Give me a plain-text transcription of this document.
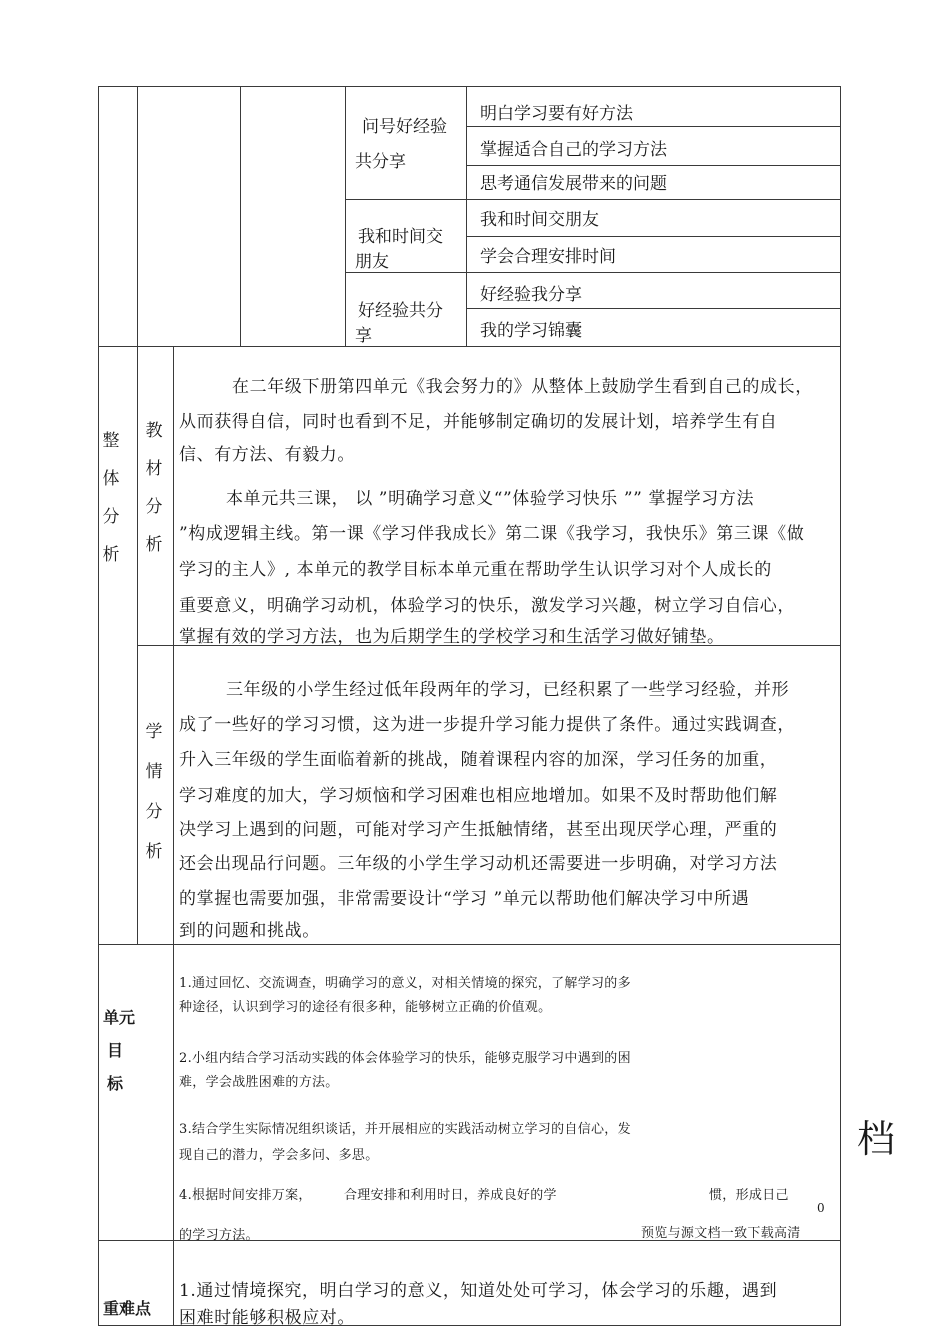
问号好经验
共分享
明白学习要有好方法
掌握适合自己的学习方法
思考通信发展带来的问题
我和时间交
朋友
我和时间交朋友
学会合理安排时间
好经验共分
享
好经验我分享
我的学习锦囊
整
体
分
析
教
材
分
析
在二年级下册第四单元《我会努力的》从整体上鼓励学生看到自己的成长，
从而获得自信，同时也看到不足，并能够制定确切的发展计划，培养学生有自
信、有方法、有毅力。
本单元共三课， 以 ”明确学习意义“”体验学习快乐 ”” 掌握学习方法
”构成逻辑主线。第一课《学习伴我成长》第二课《我学习，我快乐》第三课《做
学习的主人》, 本单元的教学目标本单元重在帮助学生认识学习对个人成长的
重要意义，明确学习动机，体验学习的快乐，激发学习兴趣，树立学习自信心，
掌握有效的学习方法，也为后期学生的学校学习和生活学习做好铺垫。
学
情
分
析
三年级的小学生经过低年段两年的学习，已经积累了一些学习经验，并形
成了一些好的学习习惯，这为进一步提升学习能力提供了条件。通过实践调查，
升入三年级的学生面临着新的挑战，随着课程内容的加深，学习任务的加重，
学习难度的加大，学习烦恼和学习困难也相应地增加。如果不及时帮助他们解
决学习上遇到的问题，可能对学习产生抵触情绪，甚至出现厌学心理，严重的
还会出现品行问题。三年级的小学生学习动机还需要进一步明确，对学习方法
的掌握也需要加强，非常需要设计“学习 ”单元以帮助他们解决学习中所遇
到的问题和挑战。
单元
目
标
1.通过回忆、交流调查，明确学习的意义，对相关情境的探究，了解学习的多
种途径，认识到学习的途径有很多种，能够树立正确的价值观。
2.小组内结合学习活动实践的体会体验学习的快乐，能够克服学习中遇到的困
难，学会战胜困难的方法。
3.结合学生实际情况组织谈话，并开展相应的实践活动树立学习的自信心，发
现自己的潜力，学会多问、多思。
4.根据时间安排万案， 合理安排和利用时日，养成良好的学	惯，形成日己
0
的学习方法。	预览与源文档一致下载高清
重难点
1.通过情境探究，明白学习的意义，知道处处可学习，体会学习的乐趣，遇到
困难时能够积极应对。
档
